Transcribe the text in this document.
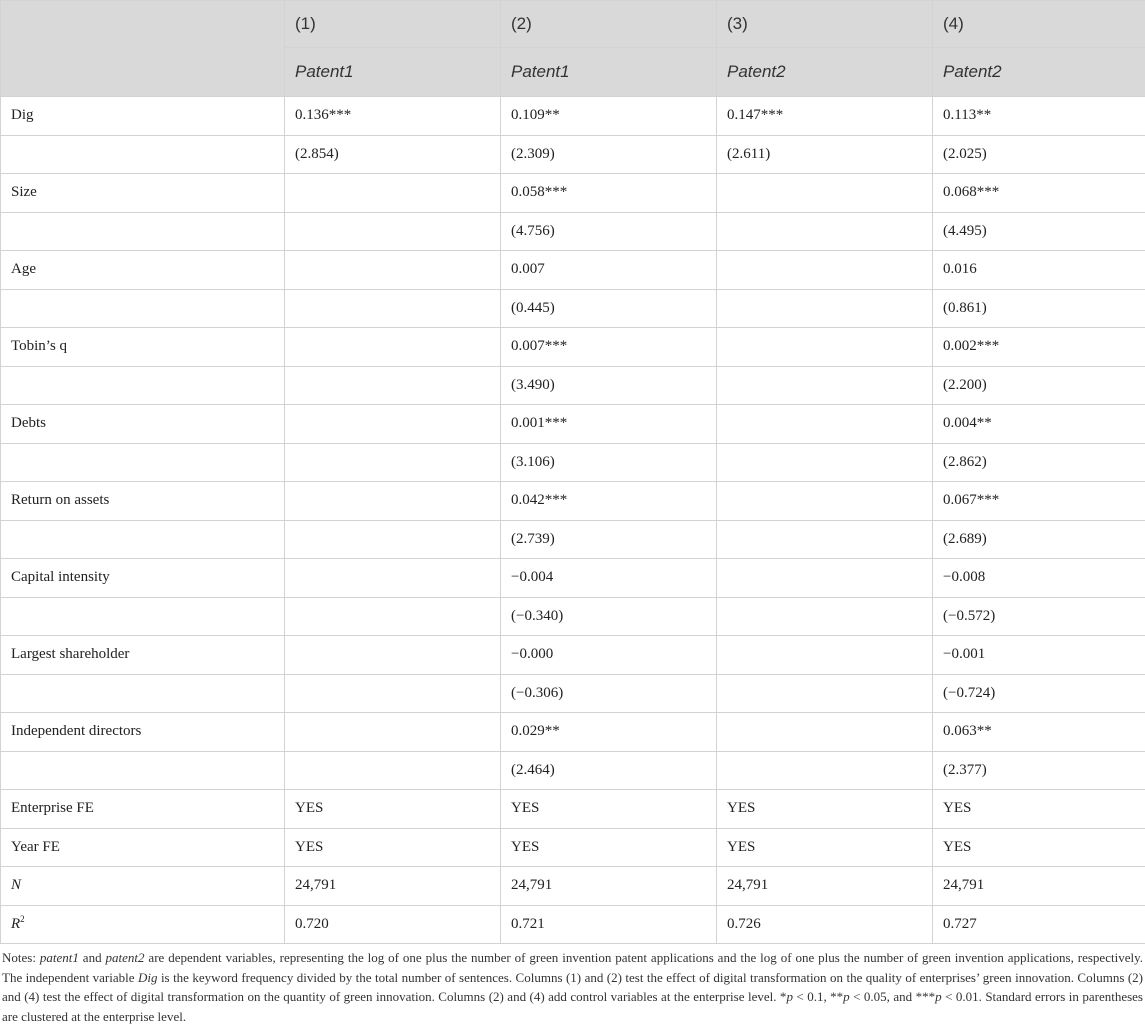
	(1)	(2)	(3)	(4)
	Patent1	Patent1	Patent2	Patent2
Dig	0.136***	0.109**	0.147***	0.113**
	(2.854)	(2.309)	(2.611)	(2.025)
Size		0.058***		0.068***
		(4.756)		(4.495)
Age		0.007		0.016
		(0.445)		(0.861)
Tobin’s q		0.007***		0.002***
		(3.490)		(2.200)
Debts		0.001***		0.004**
		(3.106)		(2.862)
Return on assets		0.042***		0.067***
		(2.739)		(2.689)
Capital intensity		−0.004		−0.008
		(−0.340)		(−0.572)
Largest shareholder		−0.000		−0.001
		(−0.306)		(−0.724)
Independent directors		0.029**		0.063**
		(2.464)		(2.377)
Enterprise FE	YES	YES	YES	YES
Year FE	YES	YES	YES	YES
N	24,791	24,791	24,791	24,791
$R^2$	0.720	0.721	0.726	0.727
Notes: patent1 and patent2 are dependent variables, representing the log of one plus the number of green invention patent applications and the log of one plus the number of green invention applications, respectively. The independent variable Dig is the keyword frequency divided by the total number of sentences. Columns (1) and (2) test the effect of digital transformation on the quality of enterprises’ green innovation. Columns (2) and (4) test the effect of digital transformation on the quantity of green innovation. Columns (2) and (4) add control variables at the enterprise level. *p < 0.1, **p < 0.05, and ***p < 0.01. Standard errors in parentheses are clustered at the enterprise level.
